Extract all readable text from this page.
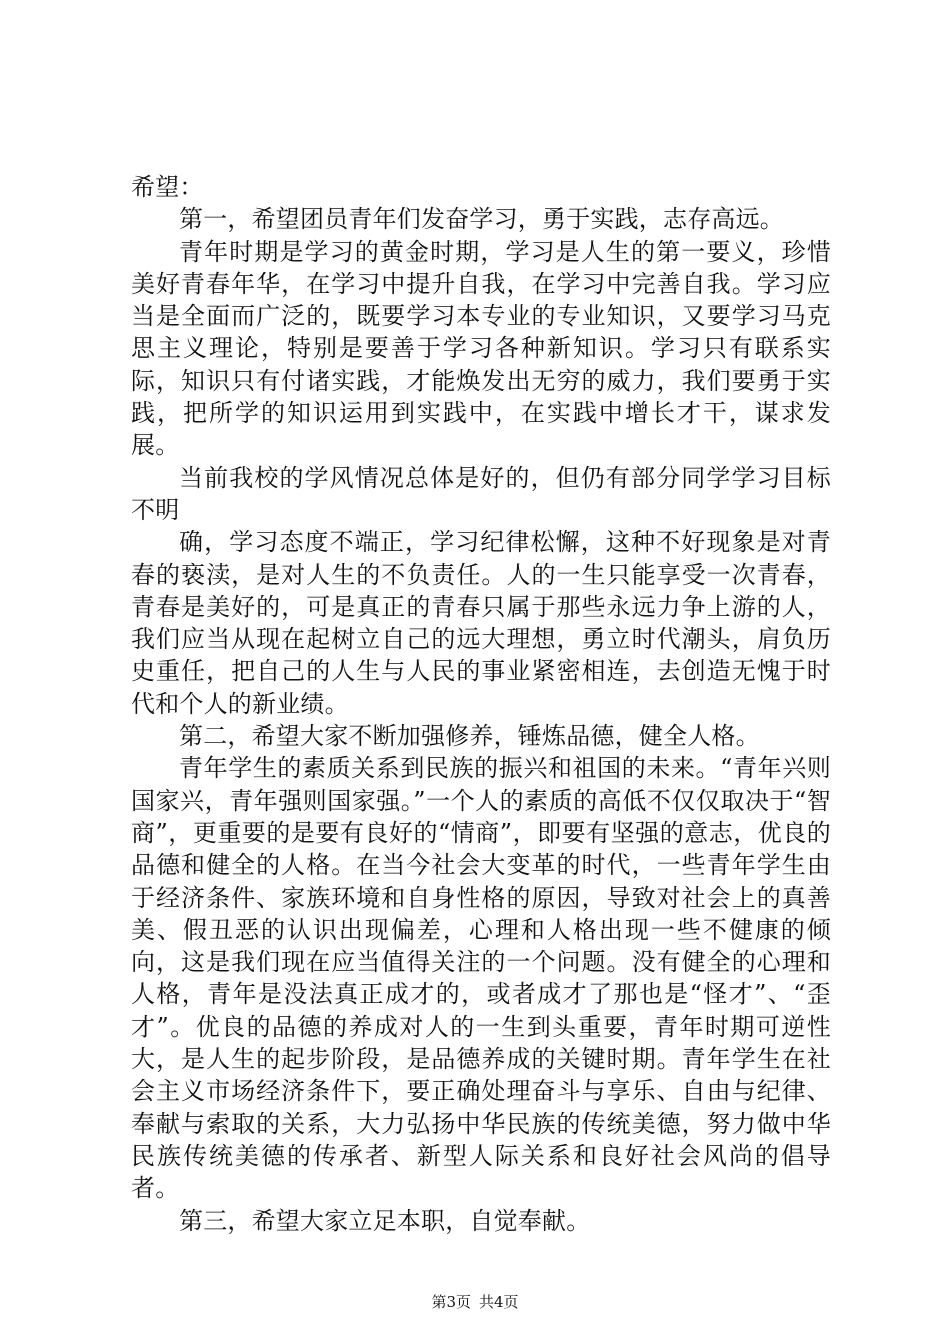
希望：

第一，希望团员青年们发奋学习，勇于实践，志存高远。

青年时期是学习的黄金时期，学习是人生的第一要义，珍惜美好青春年华，在学习中提升自我，在学习中完善自我。学习应当是全面而广泛的，既要学习本专业的专业知识，又要学习马克思主义理论，特别是要善于学习各种新知识。学习只有联系实际，知识只有付诸实践，才能焕发出无穷的威力，我们要勇于实践，把所学的知识运用到实践中，在实践中增长才干，谋求发展。

当前我校的学风情况总体是好的，但仍有部分同学学习目标不明

确，学习态度不端正，学习纪律松懈，这种不好现象是对青春的亵渎，是对人生的不负责任。人的一生只能享受一次青春，青春是美好的，可是真正的青春只属于那些永远力争上游的人，我们应当从现在起树立自己的远大理想，勇立时代潮头，肩负历史重任，把自己的人生与人民的事业紧密相连，去创造无愧于时代和个人的新业绩。

第二，希望大家不断加强修养，锤炼品德，健全人格。

青年学生的素质关系到民族的振兴和祖国的未来。“青年兴则国家兴，青年强则国家强。”一个人的素质的高低不仅仅取决于“智商”，更重要的是要有良好的“情商”，即要有坚强的意志，优良的品德和健全的人格。在当今社会大变革的时代，一些青年学生由于经济条件、家族环境和自身性格的原因，导致对社会上的真善美、假丑恶的认识出现偏差，心理和人格出现一些不健康的倾向，这是我们现在应当值得关注的一个问题。没有健全的心理和人格，青年是没法真正成才的，或者成才了那也是“怪才”、“歪才”。优良的品德的养成对人的一生到头重要，青年时期可逆性大，是人生的起步阶段，是品德养成的关键时期。青年学生在社会主义市场经济条件下，要正确处理奋斗与享乐、自由与纪律、奉献与索取的关系，大力弘扬中华民族的传统美德，努力做中华民族传统美德的传承者、新型人际关系和良好社会风尚的倡导者。

第三，希望大家立足本职，自觉奉献。

第3页 共4页
